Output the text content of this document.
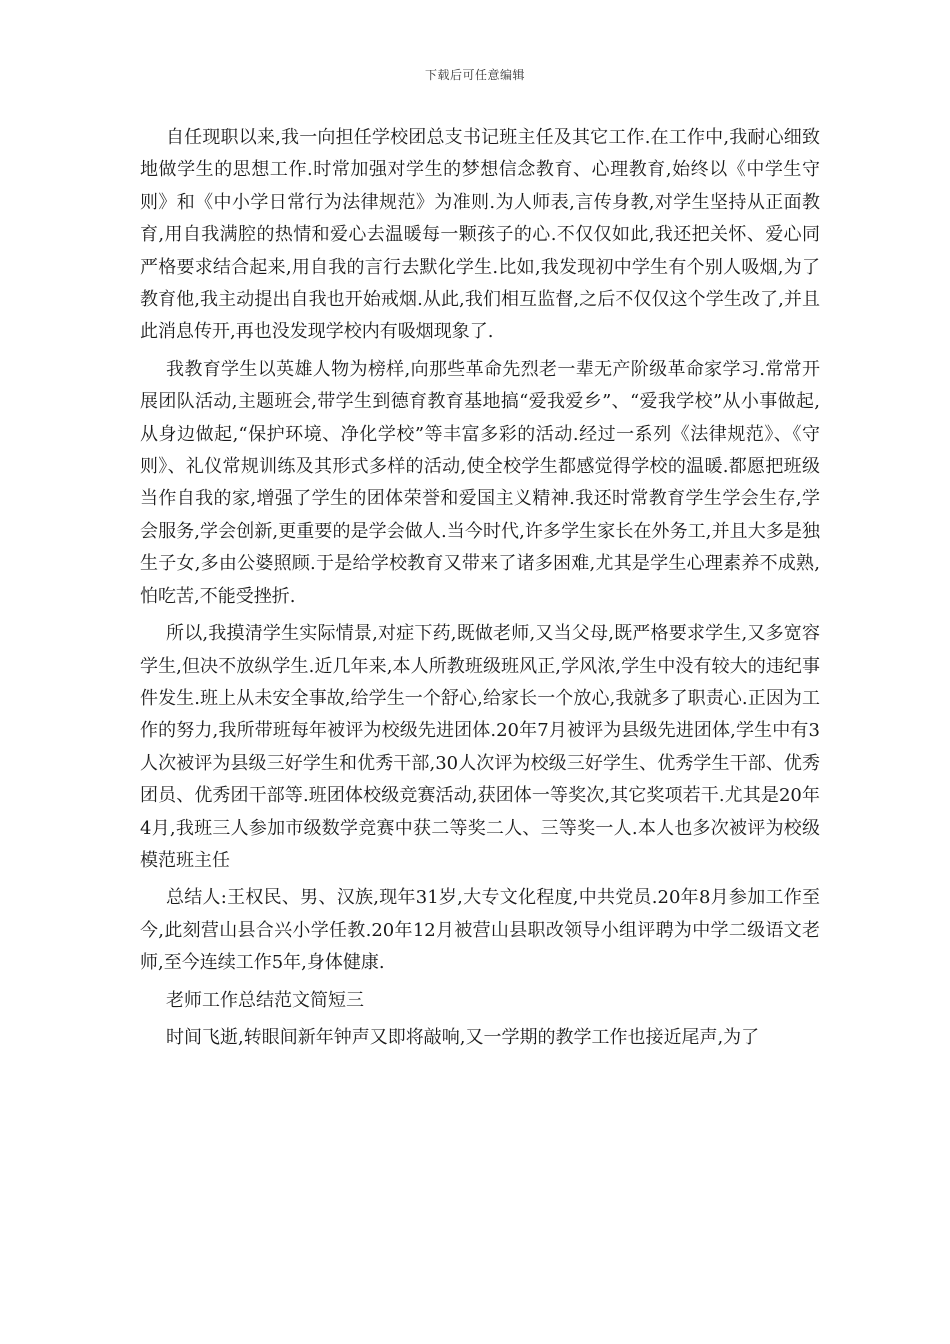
下载后可任意编辑

自任现职以来,我一向担任学校团总支书记班主任及其它工作.在工作中,我耐心细致地做学生的思想工作.时常加强对学生的梦想信念教育、心理教育,始终以《中学生守则》和《中小学日常行为法律规范》为准则.为人师表,言传身教,对学生坚持从正面教育,用自我满腔的热情和爱心去温暖每一颗孩子的心.不仅仅如此,我还把关怀、爱心同严格要求结合起来,用自我的言行去默化学生.比如,我发现初中学生有个别人吸烟,为了教育他,我主动提出自我也开始戒烟.从此,我们相互监督,之后不仅仅这个学生改了,并且此消息传开,再也没发现学校内有吸烟现象了.

我教育学生以英雄人物为榜样,向那些革命先烈老一辈无产阶级革命家学习.常常开展团队活动,主题班会,带学生到德育教育基地搞“爱我爱乡”、“爱我学校”从小事做起,从身边做起,“保护环境、净化学校”等丰富多彩的活动.经过一系列《法律规范》、《守则》、礼仪常规训练及其形式多样的活动,使全校学生都感觉得学校的温暖.都愿把班级当作自我的家,增强了学生的团体荣誉和爱国主义精神.我还时常教育学生学会生存,学会服务,学会创新,更重要的是学会做人.当今时代,许多学生家长在外务工,并且大多是独生子女,多由公婆照顾.于是给学校教育又带来了诸多困难,尤其是学生心理素养不成熟,怕吃苦,不能受挫折.

所以,我摸清学生实际情景,对症下药,既做老师,又当父母,既严格要求学生,又多宽容学生,但决不放纵学生.近几年来,本人所教班级班风正,学风浓,学生中没有较大的违纪事件发生.班上从未安全事故,给学生一个舒心,给家长一个放心,我就多了职责心.正因为工作的努力,我所带班每年被评为校级先进团体.20年7月被评为县级先进团体,学生中有3人次被评为县级三好学生和优秀干部,30人次评为校级三好学生、优秀学生干部、优秀团员、优秀团干部等.班团体校级竞赛活动,获团体一等奖次,其它奖项若干.尤其是20年4月,我班三人参加市级数学竞赛中获二等奖二人、三等奖一人.本人也多次被评为校级模范班主任

总结人:王权民、男、汉族,现年31岁,大专文化程度,中共党员.20年8月参加工作至今,此刻营山县合兴小学任教.20年12月被营山县职改领导小组评聘为中学二级语文老师,至今连续工作5年,身体健康.

老师工作总结范文简短三

时间飞逝,转眼间新年钟声又即将敲响,又一学期的教学工作也接近尾声,为了
